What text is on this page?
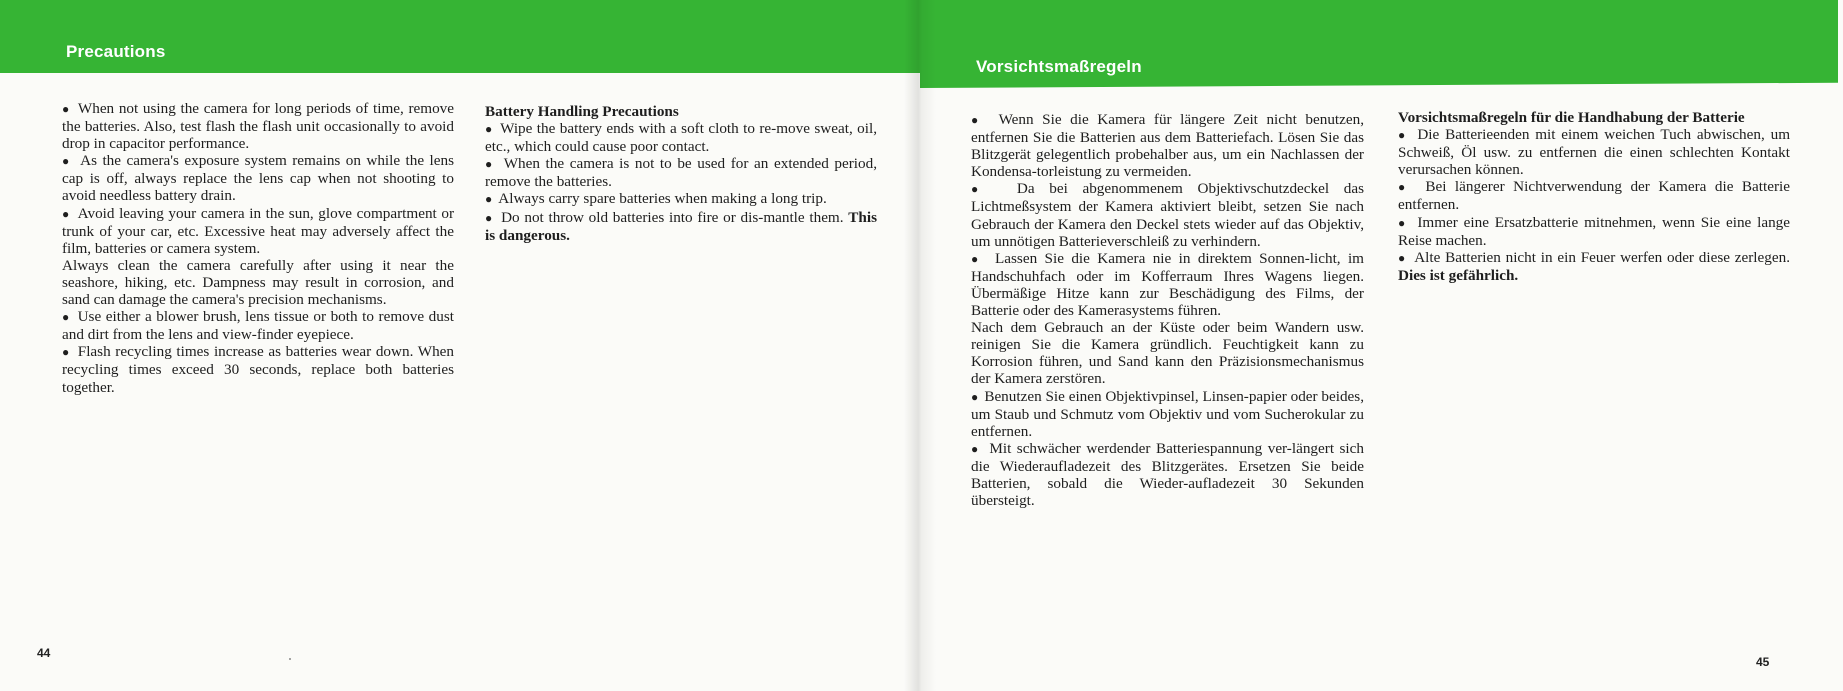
Precautions

●  When not using the camera for long periods of time, remove the batteries. Also, test flash the flash unit occasionally to avoid drop in capacitor performance.

●  As the camera's exposure system remains on while the lens cap is off, always replace the lens cap when not shooting to avoid needless battery drain.

●  Avoid leaving your camera in the sun, glove compartment or trunk of your car, etc. Excessive heat may adversely affect the film, batteries or camera system.

Always clean the camera carefully after using it near the seashore, hiking, etc. Dampness may result in corrosion, and sand can damage the camera's precision mechanisms.

●  Use either a blower brush, lens tissue or both to remove dust and dirt from the lens and view-finder eyepiece.

●  Flash recycling times increase as batteries wear down. When recycling times exceed 30 seconds, replace both batteries together.

Battery Handling Precautions

●  Wipe the battery ends with a soft cloth to re-move sweat, oil, etc., which could cause poor contact.

●  When the camera is not to be used for an extended period, remove the batteries.

●  Always carry spare batteries when making a long trip.

●  Do not throw old batteries into fire or dis-mantle them. This is dangerous.

44
Vorsichtsmaßregeln

●  Wenn Sie die Kamera für längere Zeit nicht benutzen, entfernen Sie die Batterien aus dem Batteriefach. Lösen Sie das Blitzgerät gelegentlich probehalber aus, um ein Nachlassen der Kondensa-torleistung zu vermeiden.

●  Da bei abgenommenem Objektivschutzdeckel das Lichtmeßsystem der Kamera aktiviert bleibt, setzen Sie nach Gebrauch der Kamera den Deckel stets wieder auf das Objektiv, um unnötigen Batterieverschleiß zu verhindern.

●  Lassen Sie die Kamera nie in direktem Sonnen-licht, im Handschuhfach oder im Kofferraum Ihres Wagens liegen. Übermäßige Hitze kann zur Beschädigung des Films, der Batterie oder des Kamerasystems führen.

Nach dem Gebrauch an der Küste oder beim Wandern usw. reinigen Sie die Kamera gründlich. Feuchtigkeit kann zu Korrosion führen, und Sand kann den Präzisionsmechanismus der Kamera zerstören.

●  Benutzen Sie einen Objektivpinsel, Linsen-papier oder beides, um Staub und Schmutz vom Objektiv und vom Sucherokular zu entfernen.

●  Mit schwächer werdender Batteriespannung ver-längert sich die Wiederaufladezeit des Blitzgerätes. Ersetzen Sie beide Batterien, sobald die Wieder-aufladezeit 30 Sekunden übersteigt.

Vorsichtsmaßregeln für die Handhabung der Batterie

●  Die Batterieenden mit einem weichen Tuch abwischen, um Schweiß, Öl usw. zu entfernen die einen schlechten Kontakt verursachen können.

●  Bei längerer Nichtverwendung der Kamera die Batterie entfernen.

●  Immer eine Ersatzbatterie mitnehmen, wenn Sie eine lange Reise machen.

●  Alte Batterien nicht in ein Feuer werfen oder diese zerlegen. Dies ist gefährlich.

45
